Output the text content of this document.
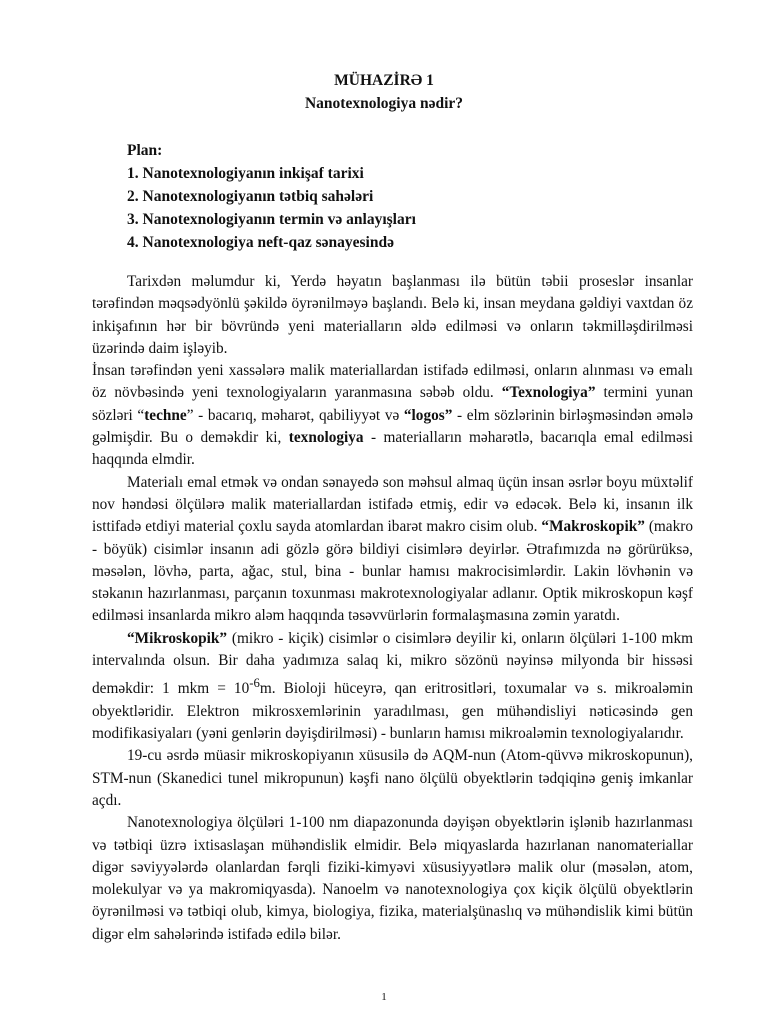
MÜHAZİRƏ 1
Nanotexnologiya nədir?
Plan:
1. Nanotexnologiyanın inkişaf tarixi
2. Nanotexnologiyanın tətbiq sahələri
3. Nanotexnologiyanın termin və anlayışları
4. Nanotexnologiya neft-qaz sənayesində

Tarixdən məlumdur ki, Yerdə həyatın başlanması ilə bütün təbii proseslər insanlar tərəfindən məqsədyönlü şəkildə öyrənilməyə başlandı. Belə ki, insan meydana gəldiyi vaxtdan öz inkişafının hər bir bövründə yeni materialların əldə edilməsi və onların təkmilləşdirilməsi üzərində daim işləyib.

İnsan tərəfindən yeni xassələrə malik materiallardan istifadə edilməsi, onların alınması və emalı öz növbəsində yeni texnologiyaların yaranmasına səbəb oldu. “Texnologiya” termini yunan sözləri “techne” - bacarıq, məharət, qabiliyyət və “logos” - elm sözlərinin birləşməsindən əmələ gəlmişdir. Bu o deməkdir ki, texnologiya - materialların məharətlə, bacarıqla emal edilməsi haqqında elmdir.

Materialı emal etmək və ondan sənayedə son məhsul almaq üçün insan əsrlər boyu müxtəlif nov həndəsi ölçülərə malik materiallardan istifadə etmiş, edir və edəcək. Belə ki, insanın ilk isttifadə etdiyi material çoxlu sayda atomlardan ibarət makro cisim olub. “Makroskopik” (makro - böyük) cisimlər insanın adi gözlə görə bildiyi cisimlərə deyirlər. Ətrafımızda nə görürüksə, məsələn, lövhə, parta, ağac, stul, bina - bunlar hamısı makrocisimlərdir. Lakin lövhənin və stəkanın hazırlanması, parçanın toxunması makrotexnologiyalar adlanır. Optik mikroskopun kəşf edilməsi insanlarda mikro aləm haqqında təsəvvürlərin formalaşmasına zəmin yaratdı.

“Mikroskopik” (mikro - kiçik) cisimlər o cisimlərə deyilir ki, onların ölçüləri 1-100 mkm intervalında olsun. Bir daha yadımıza salaq ki, mikro sözönü nəyinsə milyonda bir hissəsi deməkdir: 1 mkm = $10^{-6}m$. Bioloji hüceyrə, qan eritrositləri, toxumalar və s. mikroaləmin obyektləridir. Elektron mikrosxemlərinin yaradılması, gen mühəndisliyi nəticəsində gen modifikasiyaları (yəni genlərin dəyişdirilməsi) - bunların hamısı mikroaləmin texnologiyalarıdır.

19-cu əsrdə müasir mikroskopiyanın xüsusilə də AQM-nun (Atom-qüvvə mikroskopunun), STM-nun (Skanedici tunel mikropunun) kəşfi nano ölçülü obyektlərin tədqiqinə geniş imkanlar açdı.

Nanotexnologiya ölçüləri 1-100 nm diapazonunda dəyişən obyektlərin işlənib hazırlanması və tətbiqi üzrə ixtisaslaşan mühəndislik elmidir. Belə miqyaslarda hazırlanan nanomateriallar digər səviyyələrdə olanlardan fərqli fiziki-kimyəvi xüsusiyyətlərə malik olur (məsələn, atom, molekulyar və ya makromiqyasda). Nanoelm və nanotexnologiya çox kiçik ölçülü obyektlərin öyrənilməsi və tətbiqi olub, kimya, biologiya, fizika, materialşünaslıq və mühəndislik kimi bütün digər elm sahələrində istifadə edilə bilər.

1
